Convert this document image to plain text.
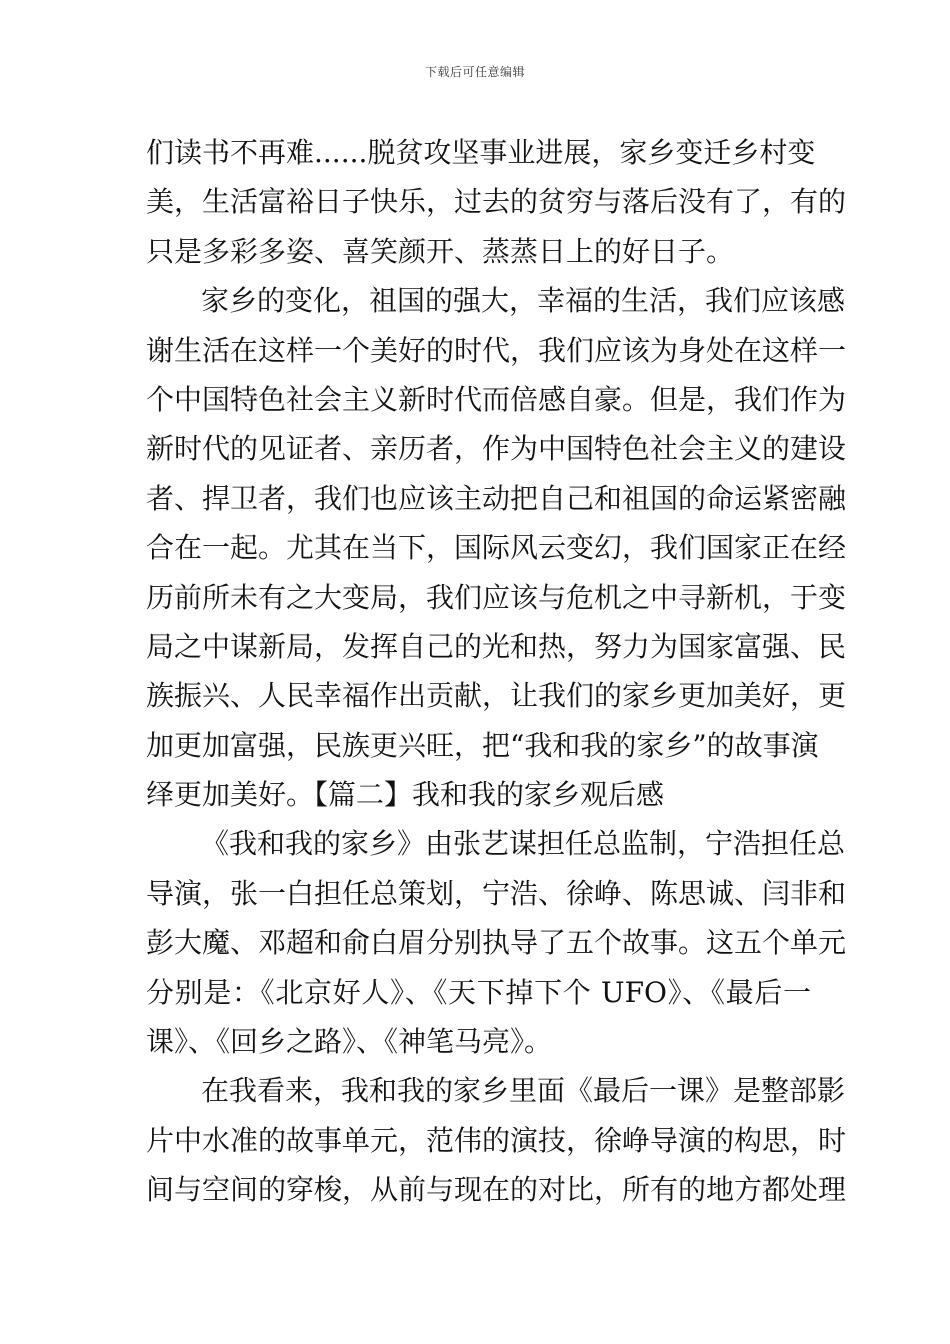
下载后可任意编辑
们读书不再难......脱贫攻坚事业进展，家乡变迁乡村变
美，生活富裕日子快乐，过去的贫穷与落后没有了，有的
只是多彩多姿、喜笑颜开、蒸蒸日上的好日子。
家乡的变化，祖国的强大，幸福的生活，我们应该感
谢生活在这样一个美好的时代，我们应该为身处在这样一
个中国特色社会主义新时代而倍感自豪。但是，我们作为
新时代的见证者、亲历者，作为中国特色社会主义的建设
者、捍卫者，我们也应该主动把自己和祖国的命运紧密融
合在一起。尤其在当下，国际风云变幻，我们国家正在经
历前所未有之大变局，我们应该与危机之中寻新机，于变
局之中谋新局，发挥自己的光和热，努力为国家富强、民
族振兴、人民幸福作出贡献，让我们的家乡更加美好，更
加更加富强，民族更兴旺，把“我和我的家乡”的故事演
绎更加美好。【篇二】我和我的家乡观后感
《我和我的家乡》由张艺谋担任总监制，宁浩担任总
导演，张一白担任总策划，宁浩、徐峥、陈思诚、闫非和
彭大魔、邓超和俞白眉分别执导了五个故事。这五个单元
分别是：《北京好人》、《天下掉下个 UFO》、《最后一
课》、《回乡之路》、《神笔马亮》。
在我看来，我和我的家乡里面《最后一课》是整部影
片中水准的故事单元，范伟的演技，徐峥导演的构思，时
间与空间的穿梭，从前与现在的对比，所有的地方都处理
